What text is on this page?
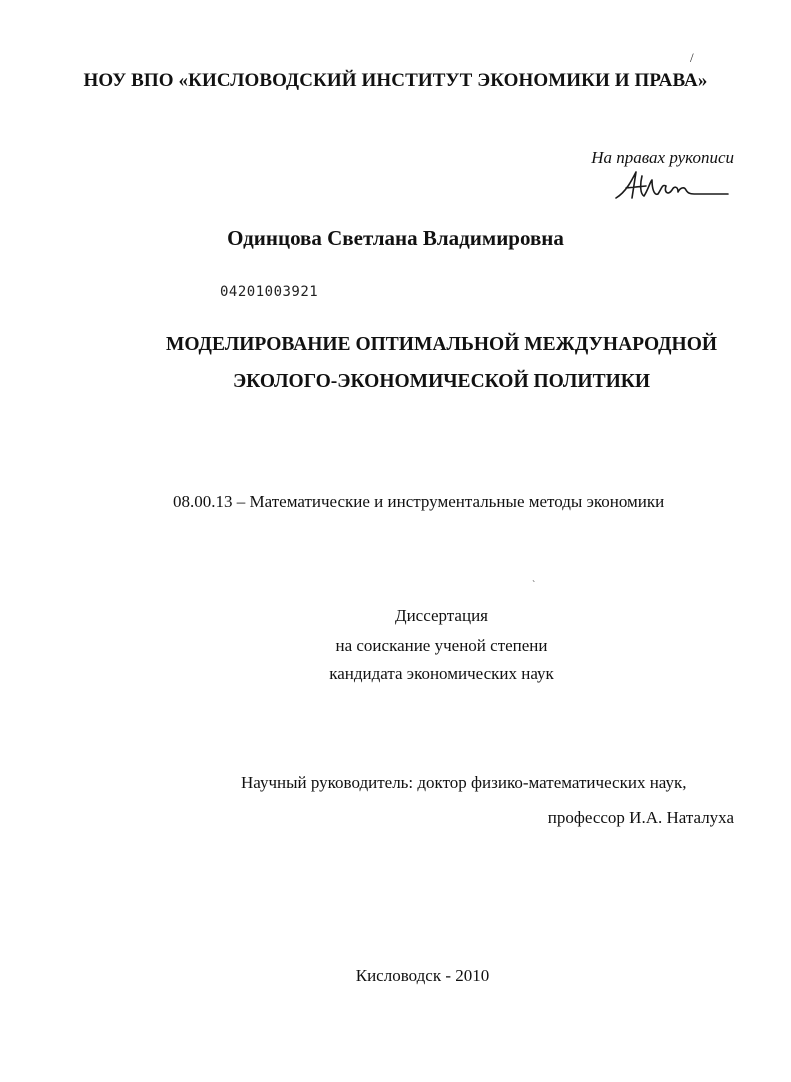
НОУ ВПО «КИСЛОВОДСКИЙ ИНСТИТУТ ЭКОНОМИКИ И ПРАВА»
/
На правах рукописи
Одинцова Светлана Владимировна
04201003921
МОДЕЛИРОВАНИЕ ОПТИМАЛЬНОЙ МЕЖДУНАРОДНОЙ
ЭКОЛОГО-ЭКОНОМИЧЕСКОЙ ПОЛИТИКИ
08.00.13 – Математические и инструментальные методы экономики
`
Диссертация
на соискание ученой степени
кандидата экономических наук
Научный руководитель: доктор физико-математических наук,
профессор И.А. Наталуха
Кисловодск - 2010
